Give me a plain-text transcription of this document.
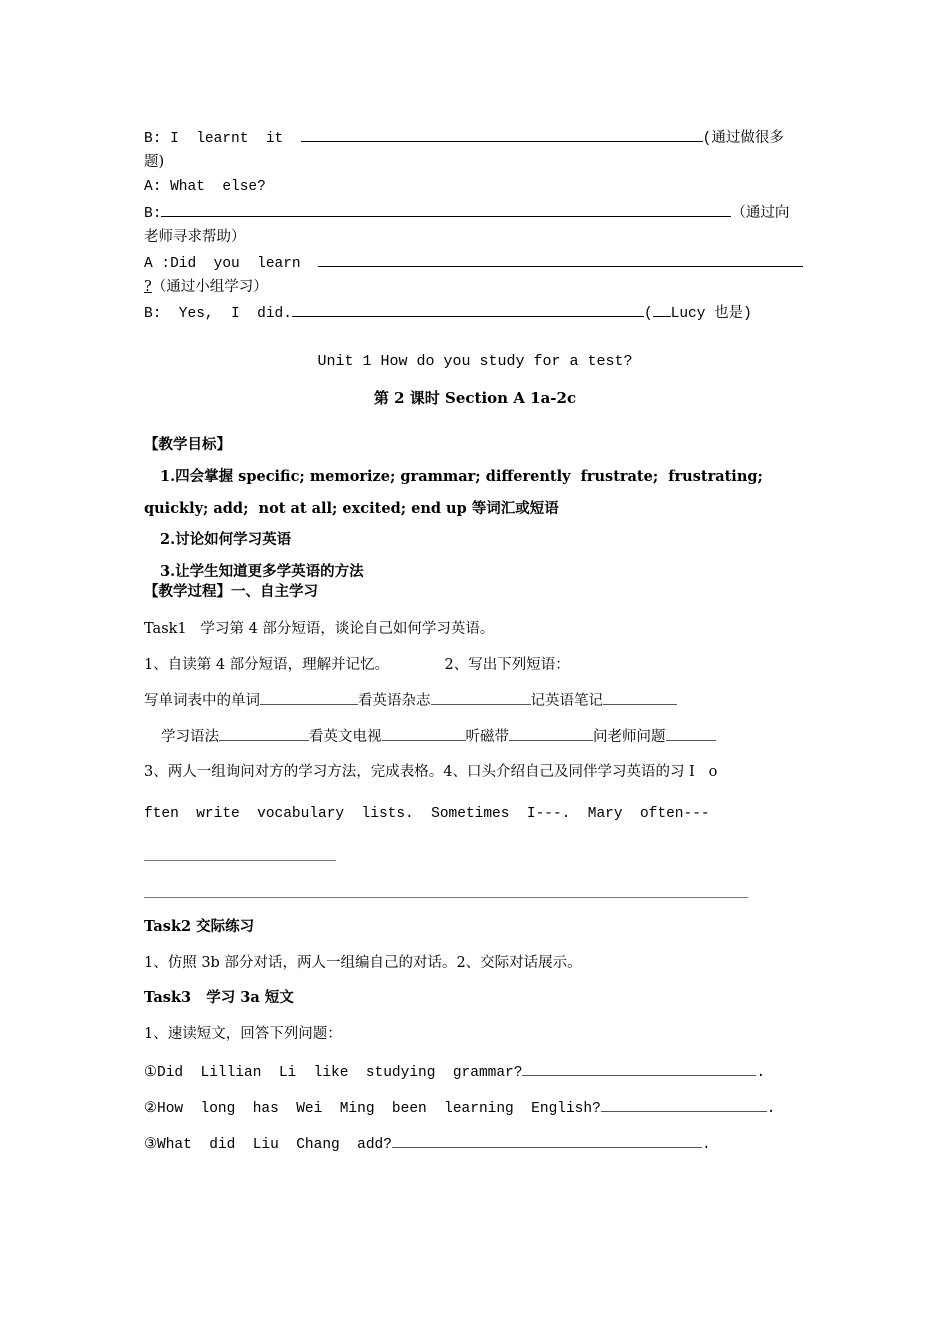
B: I  learnt  it	(通过做很多
题)
A: What  else?
B:	（通过向
老师寻求帮助）
A :Did  you  learn
?（通过小组学习）
B:  Yes,  I  did.	( Lucy 也是)
Unit 1 How do you study for a test?
第 2 课时 Section A 1a-2c
【教学目标】
1.四会掌握 specific; memorize; grammar; differently  frustrate;  frustrating;
quickly; add;  not at all; excited; end up 等词汇或短语
2.讨论如何学习英语
3.让学生知道更多学英语的方法
【教学过程】一、自主学习
Task1   学习第 4 部分短语，谈论自己如何学习英语。
1、自读第 4 部分短语，理解并记忆。	2、写出下列短语：
写单词表中的单词	看英语杂志	记英语笔记
学习语法	看英文电视	听磁带	问老师问题
3、两人一组询问对方的学习方法，完成表格。4、口头介绍自己及同伴学习英语的习 I   o
ften  write  vocabulary  lists.  Sometimes  I---.  Mary  often---
Task2 交际练习
1、仿照 3b 部分对话，两人一组编自己的对话。2、交际对话展示。
Task3   学习 3a 短文
1、速读短文，回答下列问题：
①Did  Lillian  Li  like  studying  grammar?	.
②How  long  has  Wei  Ming  been  learning  English?	.
③What  did  Liu  Chang  add?	.
